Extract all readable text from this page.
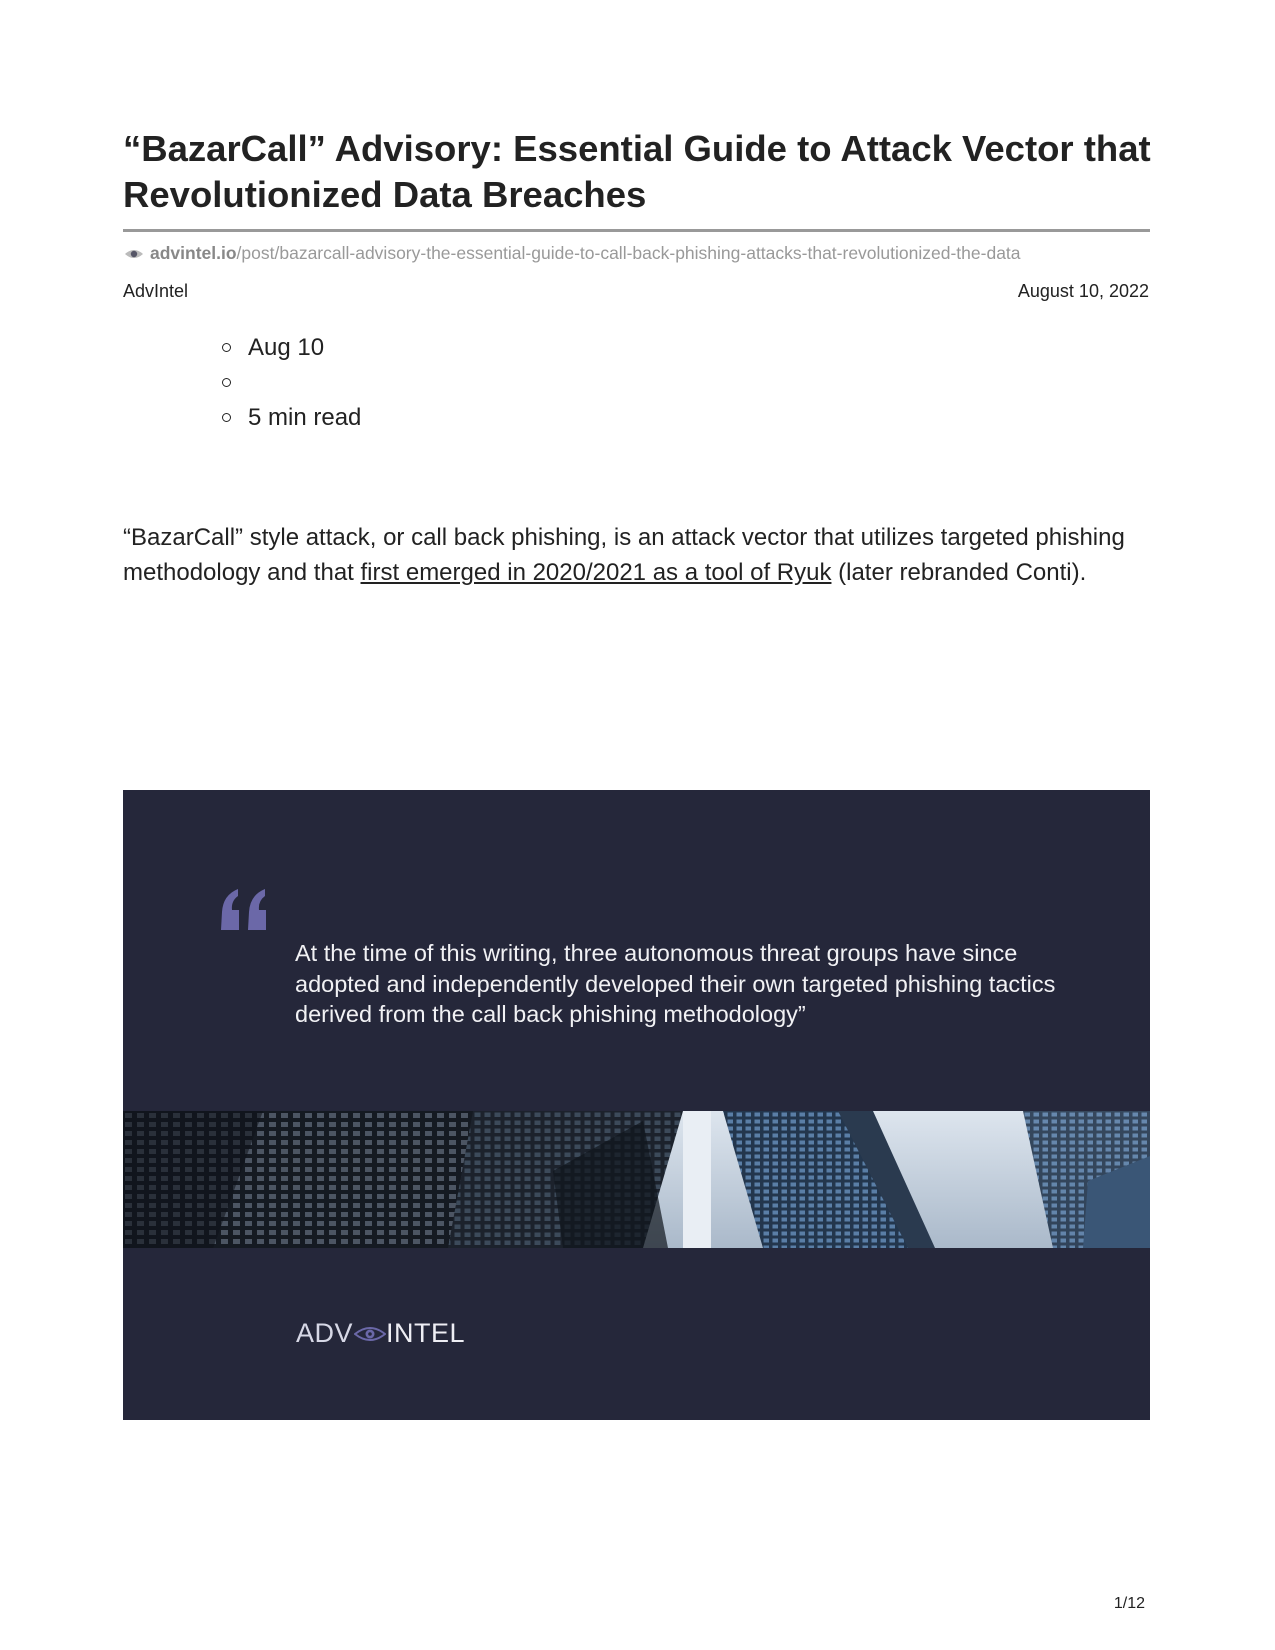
“BazarCall” Advisory: Essential Guide to Attack Vector that Revolutionized Data Breaches
advintel.io/post/bazarcall-advisory-the-essential-guide-to-call-back-phishing-attacks-that-revolutionized-the-data
AdvIntel	August 10, 2022
Aug 10
5 min read

“BazarCall” style attack, or call back phishing, is an attack vector that utilizes targeted phishing methodology and that first emerged in 2020/2021 as a tool of Ryuk (later rebranded Conti).

At the time of this writing, three autonomous threat groups have since adopted and independently developed their own targeted phishing tactics derived from the call back phishing methodology”

ADV INTEL
1/12
